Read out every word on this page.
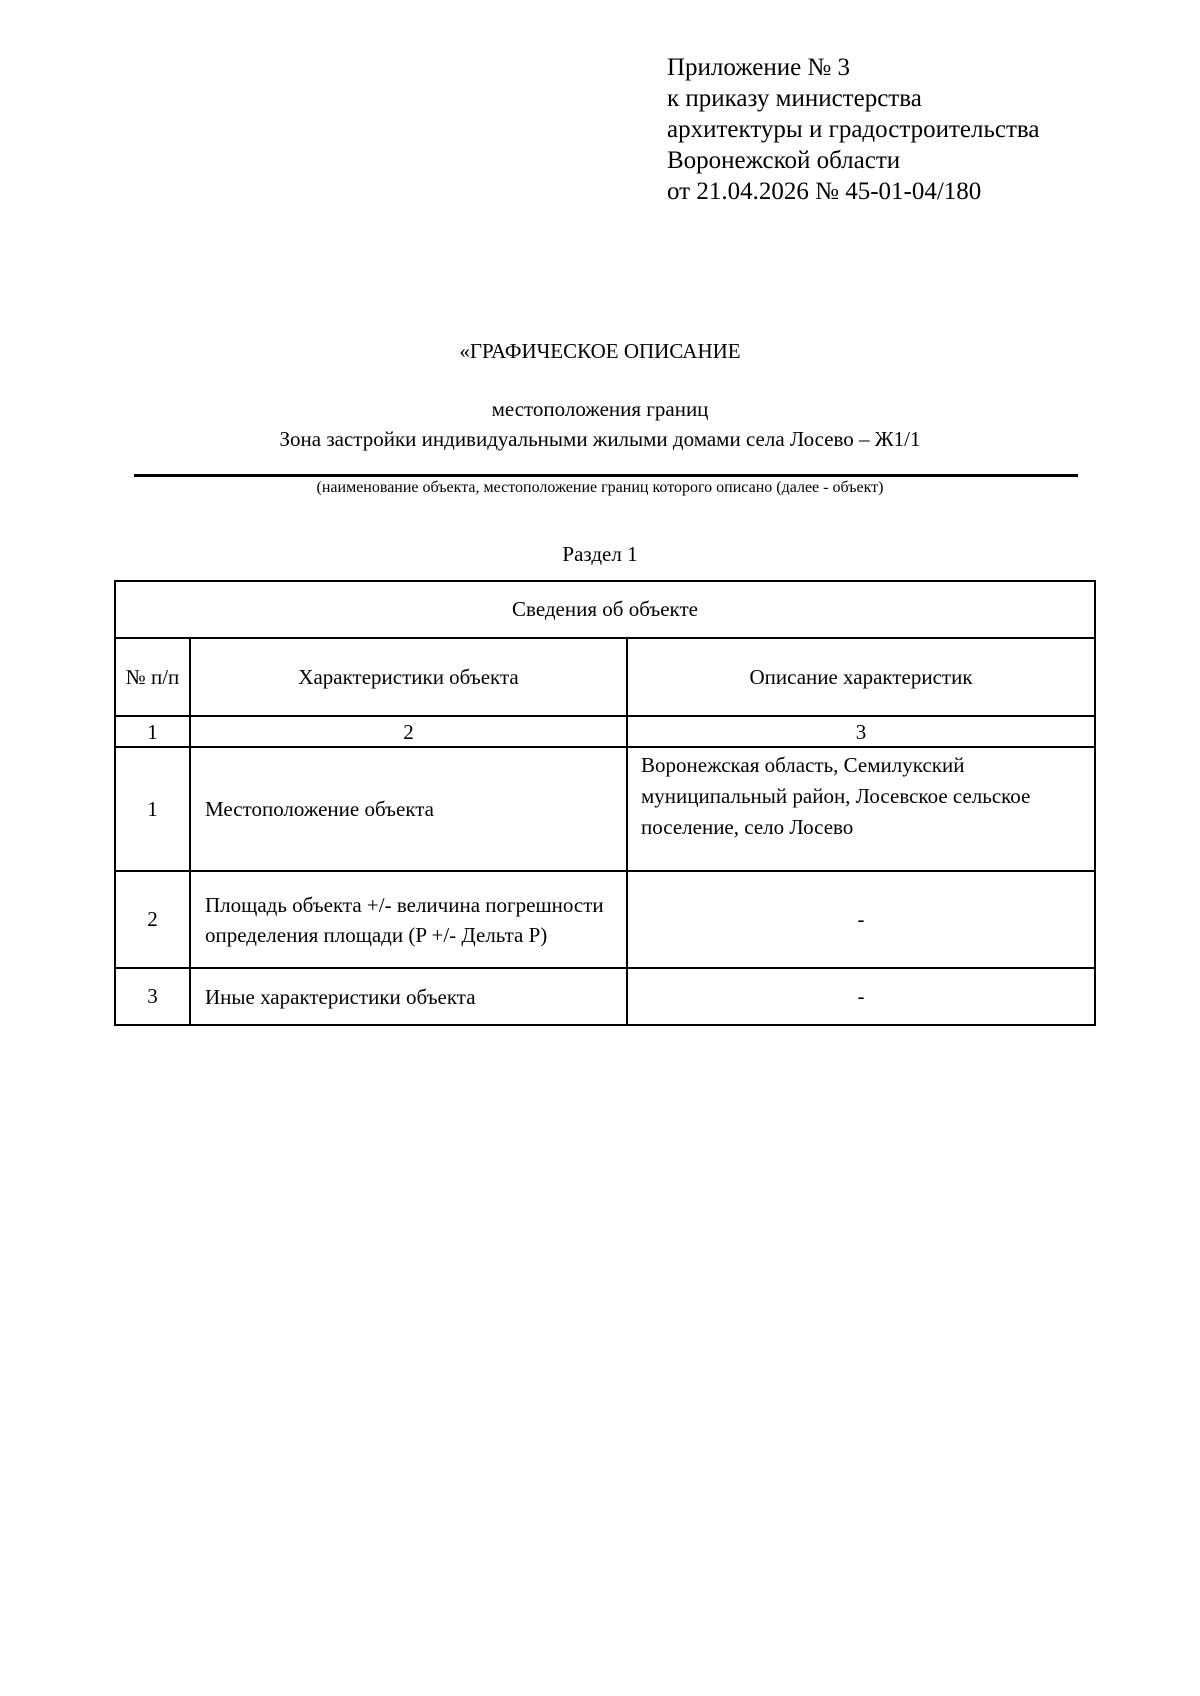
Приложение № 3
к приказу министерства
архитектуры и градостроительства
Воронежской области
от 21.04.2026 № 45-01-04/180
«ГРАФИЧЕСКОЕ ОПИСАНИЕ
местоположения границ
Зона застройки индивидуальными жилыми домами села Лосево – Ж1/1
(наименование объекта, местоположение границ которого описано (далее - объект)
Раздел 1
Сведения об объекте		
№ п/п	Характеристики объекта	Описание характеристик
1	2	3
1	Местоположение объекта	Воронежская область, Семилукский муниципальный район, Лосевское сельское поселение, село Лосево
2	Площадь объекта +/- величина погрешности определения площади (P +/- Дельта P)	-
3	Иные характеристики объекта	-
